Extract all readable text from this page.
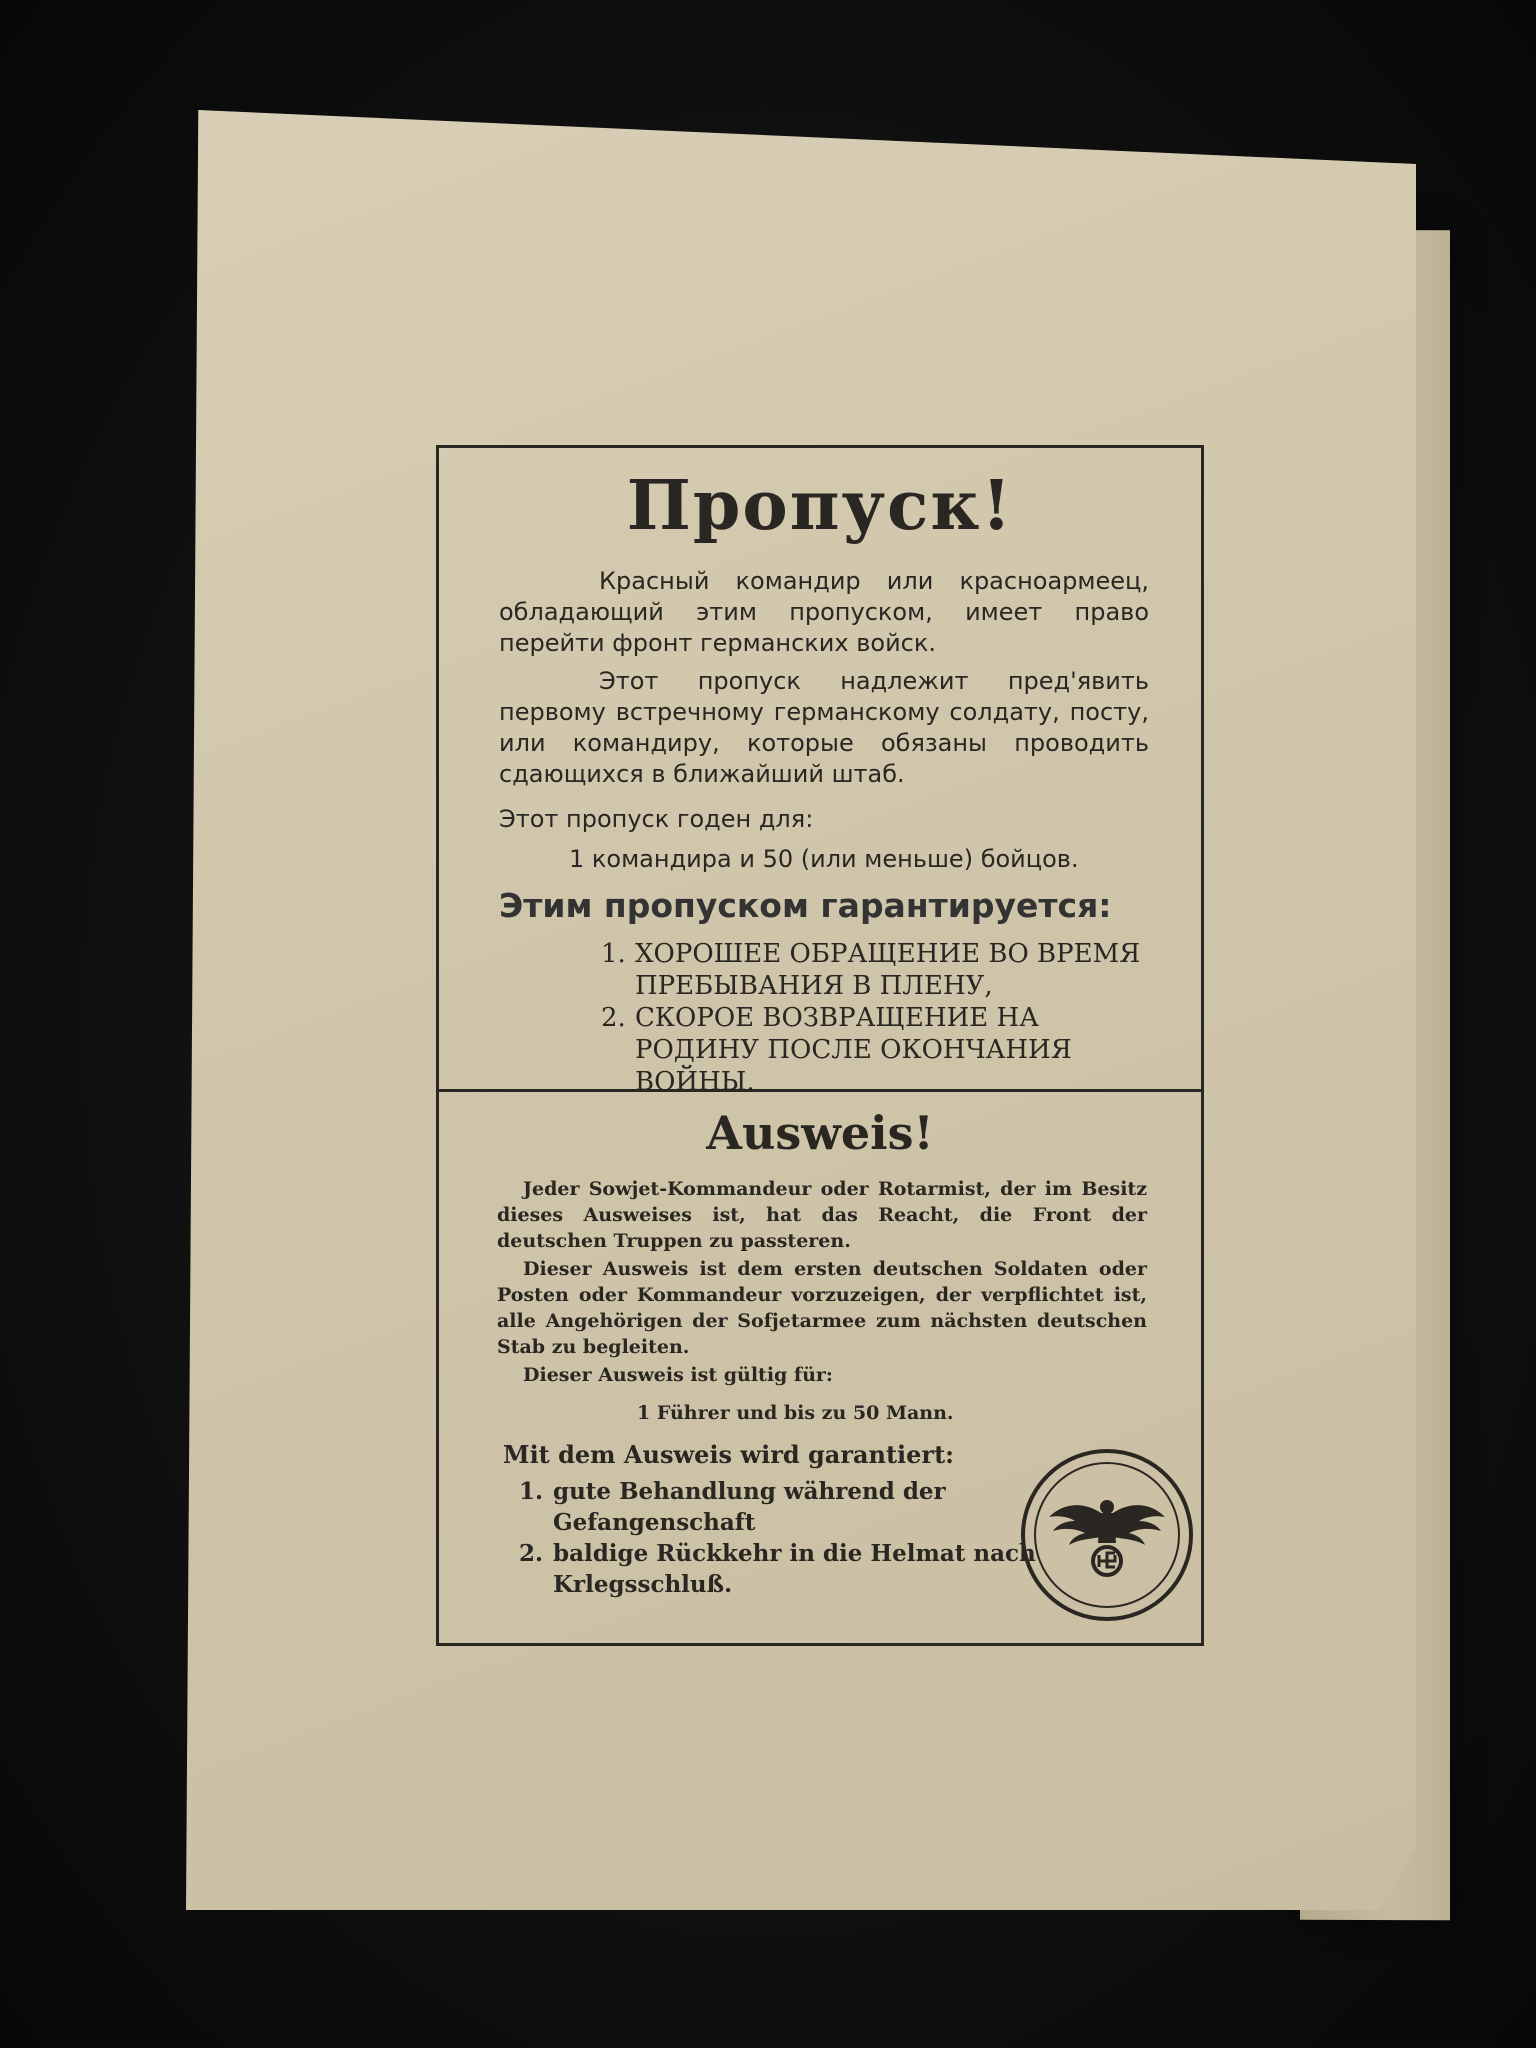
Пропуск!
Красный командир или красноармеец, обладающий этим пропуском, имеет право перейти фронт германских войск.
Этот пропуск надлежит пред'явить первому встречному германскому солдату, посту, или командиру, которые обязаны проводить сдающихся в ближайший штаб.
Этот пропуск годен для:
1 командира и 50 (или меньше) бойцов.
Этим пропуском гарантируется:
1. ХОРОШЕЕ ОБРАЩЕНИЕ ВО ВРЕМЯ ПРЕБЫВАНИЯ В ПЛЕНУ,
2. СКОРОЕ ВОЗВРАЩЕНИЕ НА РОДИНУ ПОСЛЕ ОКОНЧАНИЯ ВОЙНЫ.
Ausweis!
Jeder Sowjet-Kommandeur oder Rotarmist, der im Besitz dieses Ausweises ist, hat das Reacht, die Front der deutschen Truppen zu passteren.
Dieser Ausweis ist dem ersten deutschen Soldaten oder Posten oder Kommandeur vorzuzeigen, der verpflichtet ist, alle Angehörigen der Sofjetarmee zum nächsten deutschen Stab zu begleiten.
Dieser Ausweis ist gültig für:
1 Führer und bis zu 50 Mann.
Mit dem Ausweis wird garantiert:
1. gute Behandlung während der Gefangenschaft
2. baldige Rückkehr in die Helmat nach Krlegsschluß.
